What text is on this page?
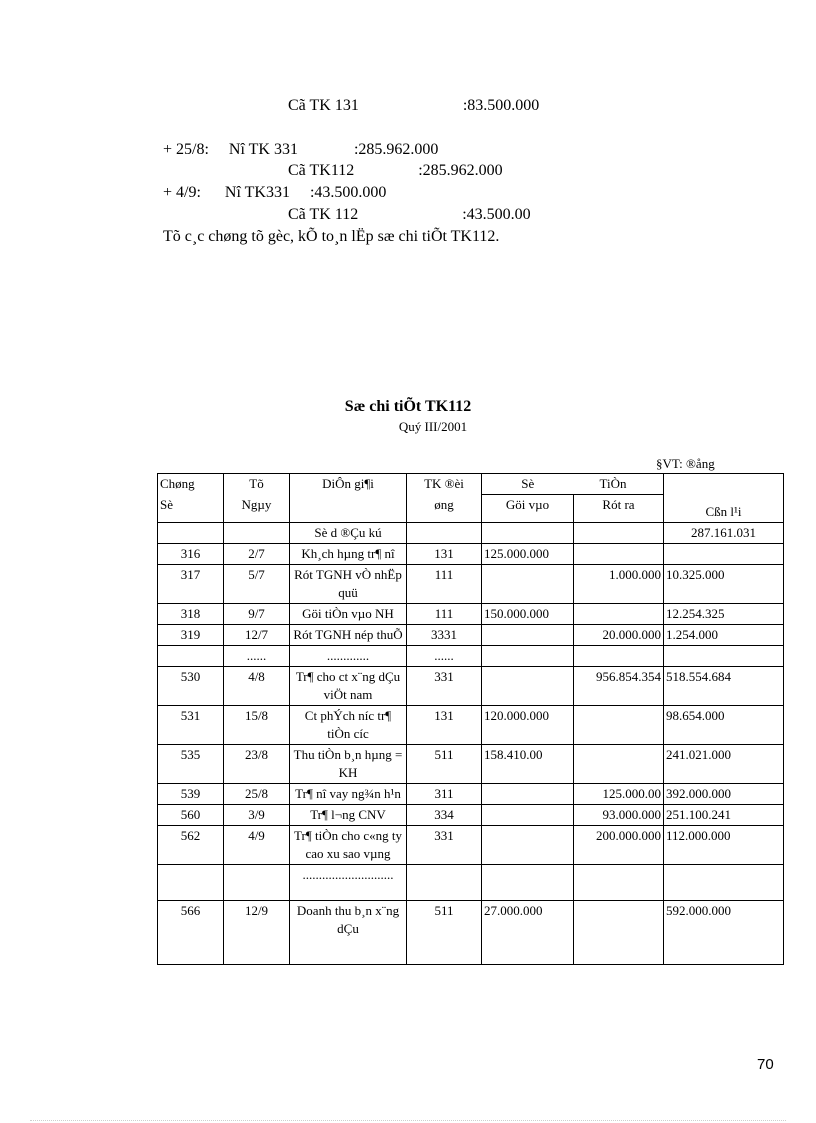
Cã TK 131                          :83.500.000
+ 25/8:     Nî TK 331              :285.962.000
Cã TK112                :285.962.000
+ 4/9:      Nî TK331     :43.500.000
Cã TK 112                          :43.500.00
Tõ c¸c chøng tõ gèc, kÕ to¸n lËp sæ chi tiÕt TK112.
Sæ chi tiÕt TK112
Quý III/2001
§VT: ®ång
Chøng	Tõ	DiÔn gi¶i	TK ®èi	Sè	TiÒn	
Sè	Ngµy		øng	Göi vµo	Rót ra	Cßn l¹i
		Sè d ®Çu kú				287.161.031
316	2/7	Kh¸ch hµng tr¶ nî	131	125.000.000		
317	5/7	Rót TGNH vÒ nhËp quü	111		1.000.000	10.325.000
318	9/7	Göi tiÒn vµo NH	111	150.000.000		12.254.325
319	12/7	Rót TGNH nép thuÕ	3331		20.000.000	1.254.000
	......	.............	......			
530	4/8	Tr¶ cho ct x¨ng dÇu viÖt nam	331		956.854.354	518.554.684
531	15/8	Ct phÝch níc tr¶ tiÒn cíc	131	120.000.000		98.654.000
535	23/8	Thu tiÒn b¸n hµng = KH	511	158.410.00		241.021.000
539	25/8	Tr¶ nî vay ng¾n h¹n	311		125.000.00	392.000.000
560	3/9	Tr¶ l¬ng CNV	334		93.000.000	251.100.241
562	4/9	Tr¶ tiÒn cho c«ng ty cao xu sao vµng	331		200.000.000	112.000.000
		............................				
566	12/9	Doanh thu b¸n x¨ng dÇu	511	27.000.000		592.000.000
70
